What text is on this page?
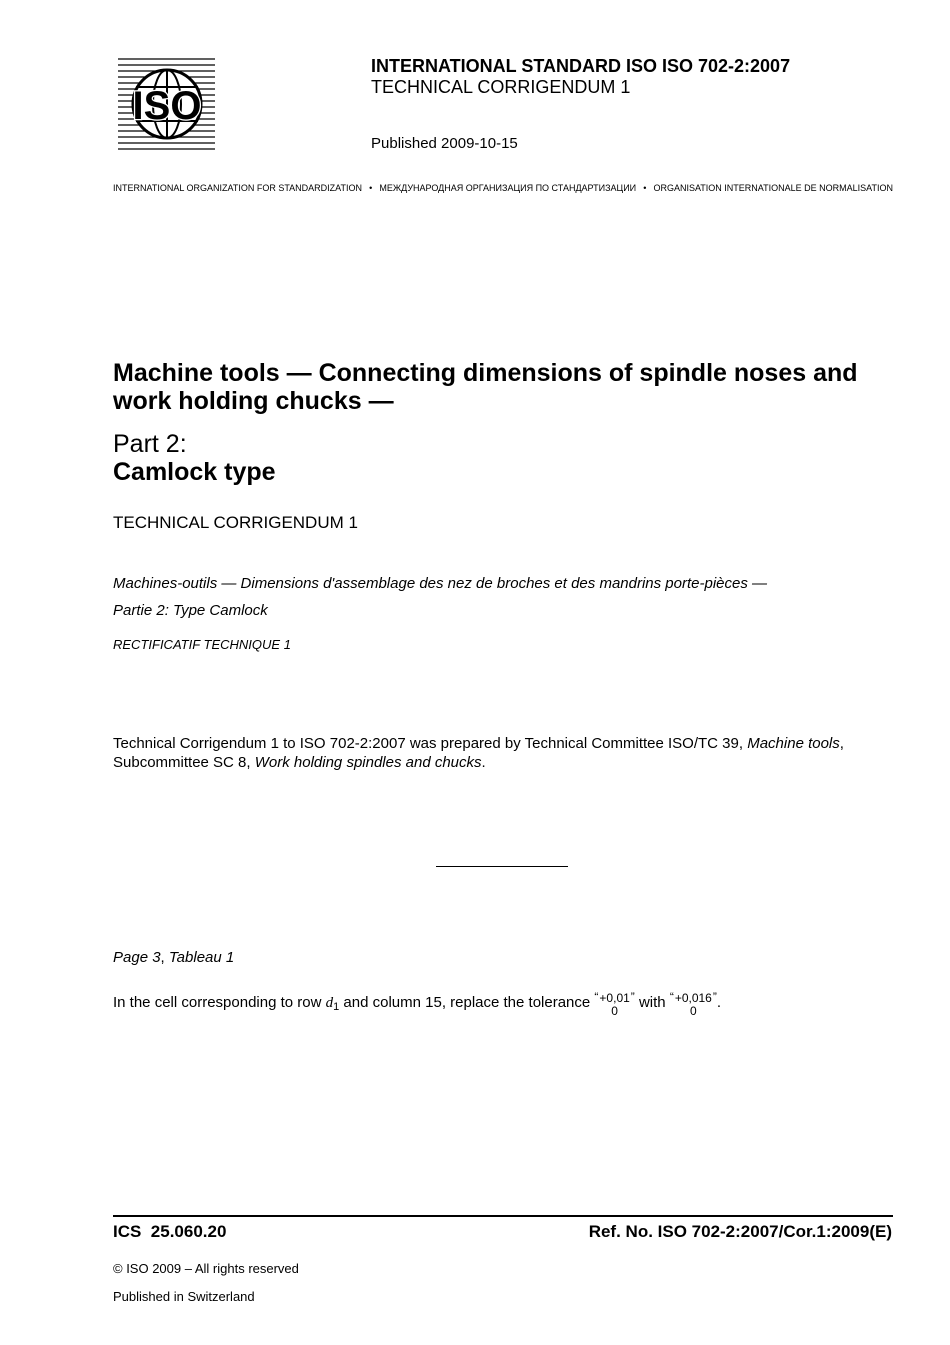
ISO
INTERNATIONAL STANDARD ISO ISO 702-2:2007
TECHNICAL CORRIGENDUM 1
Published 2009-10-15
INTERNATIONAL ORGANIZATION FOR STANDARDIZATION • МЕЖДУНАРОДНАЯ ОРГАНИЗАЦИЯ ПО СТАНДАРТИЗАЦИИ • ORGANISATION INTERNATIONALE DE NORMALISATION
Machine tools — Connecting dimensions of spindle noses and work holding chucks —
Part 2:
Camlock type
TECHNICAL CORRIGENDUM 1
Machines-outils — Dimensions d'assemblage des nez de broches et des mandrins porte-pièces —
Partie 2: Type Camlock
RECTIFICATIF TECHNIQUE 1
Technical Corrigendum 1 to ISO 702-2:2007 was prepared by Technical Committee ISO/TC 39, Machine tools, Subcommittee SC 8, Work holding spindles and chucks.
Page 3, Tableau 1
In the cell corresponding to row $d_1$ and column 15, replace the tolerance “ +0,01
0
” with “ +0,016
0
”.
ICS  25.060.20	Ref. No. ISO 702-2:2007/Cor.1:2009(E)
© ISO 2009 – All rights reserved
Published in Switzerland
